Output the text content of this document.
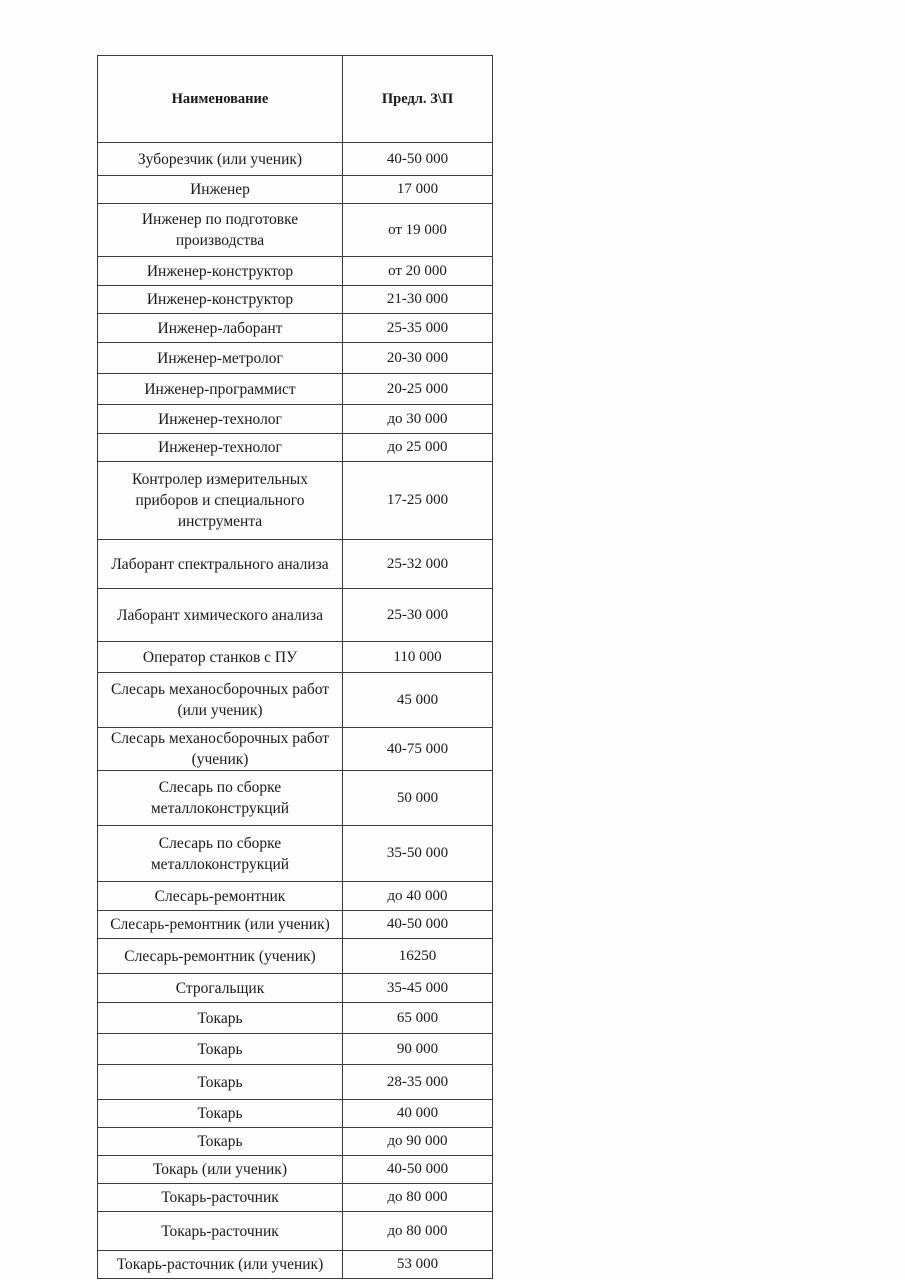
Наименование	Предл. З\П
Зуборезчик (или ученик)	40-50 000
Инженер	17 000
Инженер по подготовке производства	от 19 000
Инженер-конструктор	от 20 000
Инженер-конструктор	21-30 000
Инженер-лаборант	25-35 000
Инженер-метролог	20-30 000
Инженер-программист	20-25 000
Инженер-технолог	до 30 000
Инженер-технолог	до 25 000
Контролер измерительных приборов и специального инструмента	17-25 000
Лаборант спектрального анализа	25-32 000
Лаборант химического анализа	25-30 000
Оператор станков с ПУ	110 000
Слесарь механосборочных работ (или ученик)	45 000
Слесарь механосборочных работ (ученик)	40-75 000
Слесарь по сборке металлоконструкций	50 000
Слесарь по сборке металлоконструкций	35-50 000
Слесарь-ремонтник	до 40 000
Слесарь-ремонтник (или ученик)	40-50 000
Слесарь-ремонтник (ученик)	16250
Строгальщик	35-45 000
Токарь	65 000
Токарь	90 000
Токарь	28-35 000
Токарь	40 000
Токарь	до 90 000
Токарь (или ученик)	40-50 000
Токарь-расточник	до 80 000
Токарь-расточник	до 80 000
Токарь-расточник (или ученик)	53 000
